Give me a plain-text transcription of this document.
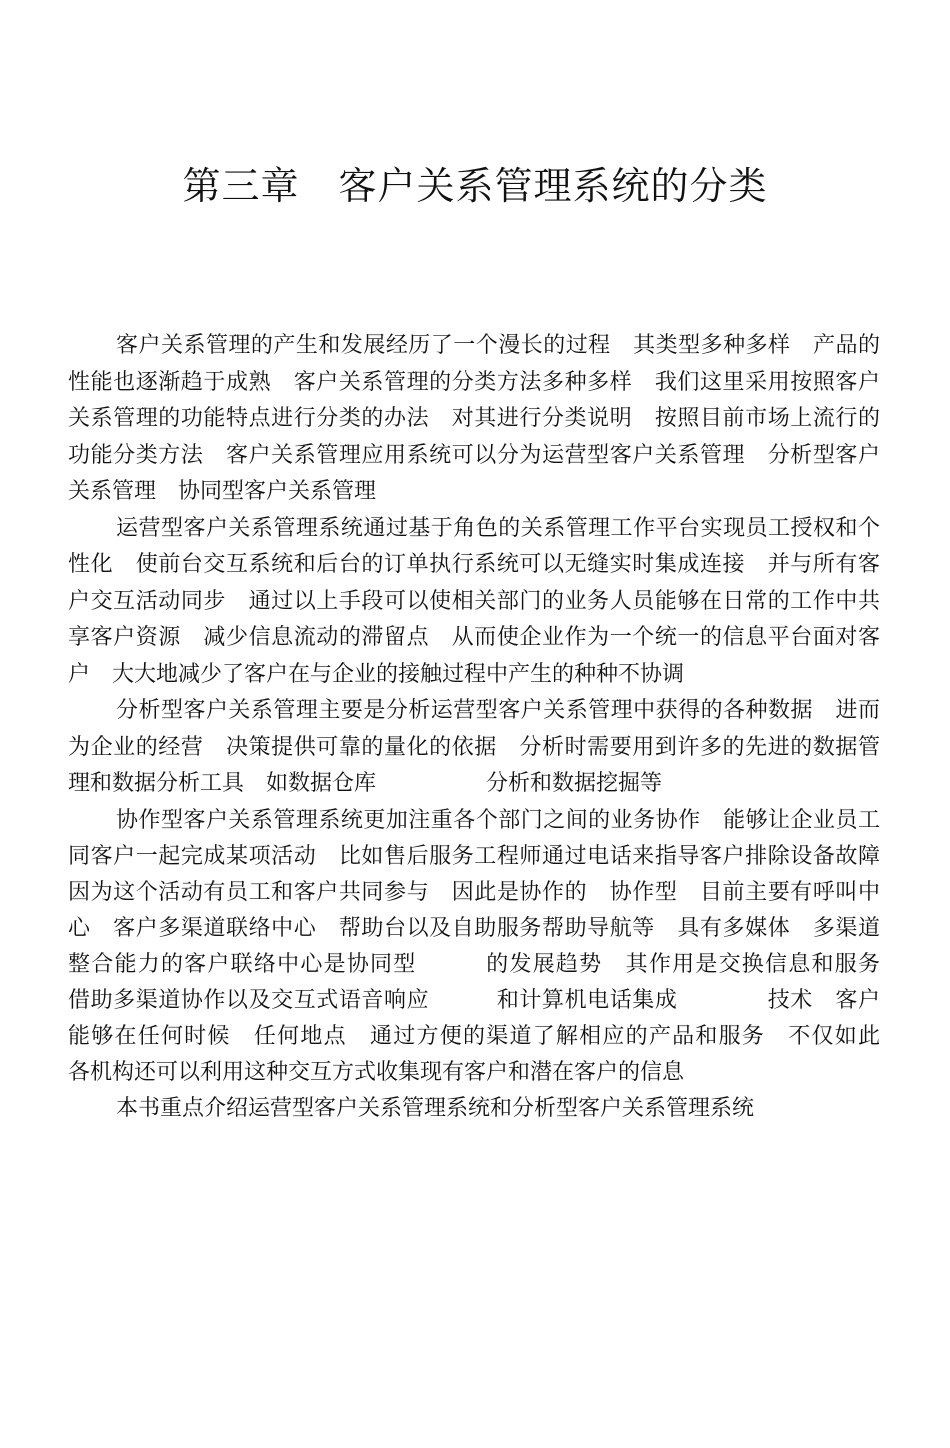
第三章　客户关系管理系统的分类

客户关系管理的产生和发展经历了一个漫长的过程　其类型多种多样　产品的性能也逐渐趋于成熟　客户关系管理的分类方法多种多样　我们这里采用按照客户关系管理的功能特点进行分类的办法　对其进行分类说明　按照目前市场上流行的功能分类方法　客户关系管理应用系统可以分为运营型客户关系管理　分析型客户关系管理　协同型客户关系管理

运营型客户关系管理系统通过基于角色的关系管理工作平台实现员工授权和个性化　使前台交互系统和后台的订单执行系统可以无缝实时集成连接　并与所有客户交互活动同步　通过以上手段可以使相关部门的业务人员能够在日常的工作中共享客户资源　减少信息流动的滞留点　从而使企业作为一个统一的信息平台面对客户　大大地减少了客户在与企业的接触过程中产生的种种不协调

分析型客户关系管理主要是分析运营型客户关系管理中获得的各种数据　进而为企业的经营　决策提供可靠的量化的依据　分析时需要用到许多的先进的数据管理和数据分析工具　如数据仓库　　　　　分析和数据挖掘等

协作型客户关系管理系统更加注重各个部门之间的业务协作　能够让企业员工同客户一起完成某项活动　比如售后服务工程师通过电话来指导客户排除设备故障　因为这个活动有员工和客户共同参与　因此是协作的　协作型　目前主要有呼叫中心　客户多渠道联络中心　帮助台以及自助服务帮助导航等　具有多媒体　多渠道整合能力的客户联络中心是协同型　　　的发展趋势　其作用是交换信息和服务　　　借助多渠道协作以及交互式语音响应　　　和计算机电话集成　　　　技术　客户能够在任何时候　任何地点　通过方便的渠道了解相应的产品和服务　不仅如此　各机构还可以利用这种交互方式收集现有客户和潜在客户的信息

本书重点介绍运营型客户关系管理系统和分析型客户关系管理系统
